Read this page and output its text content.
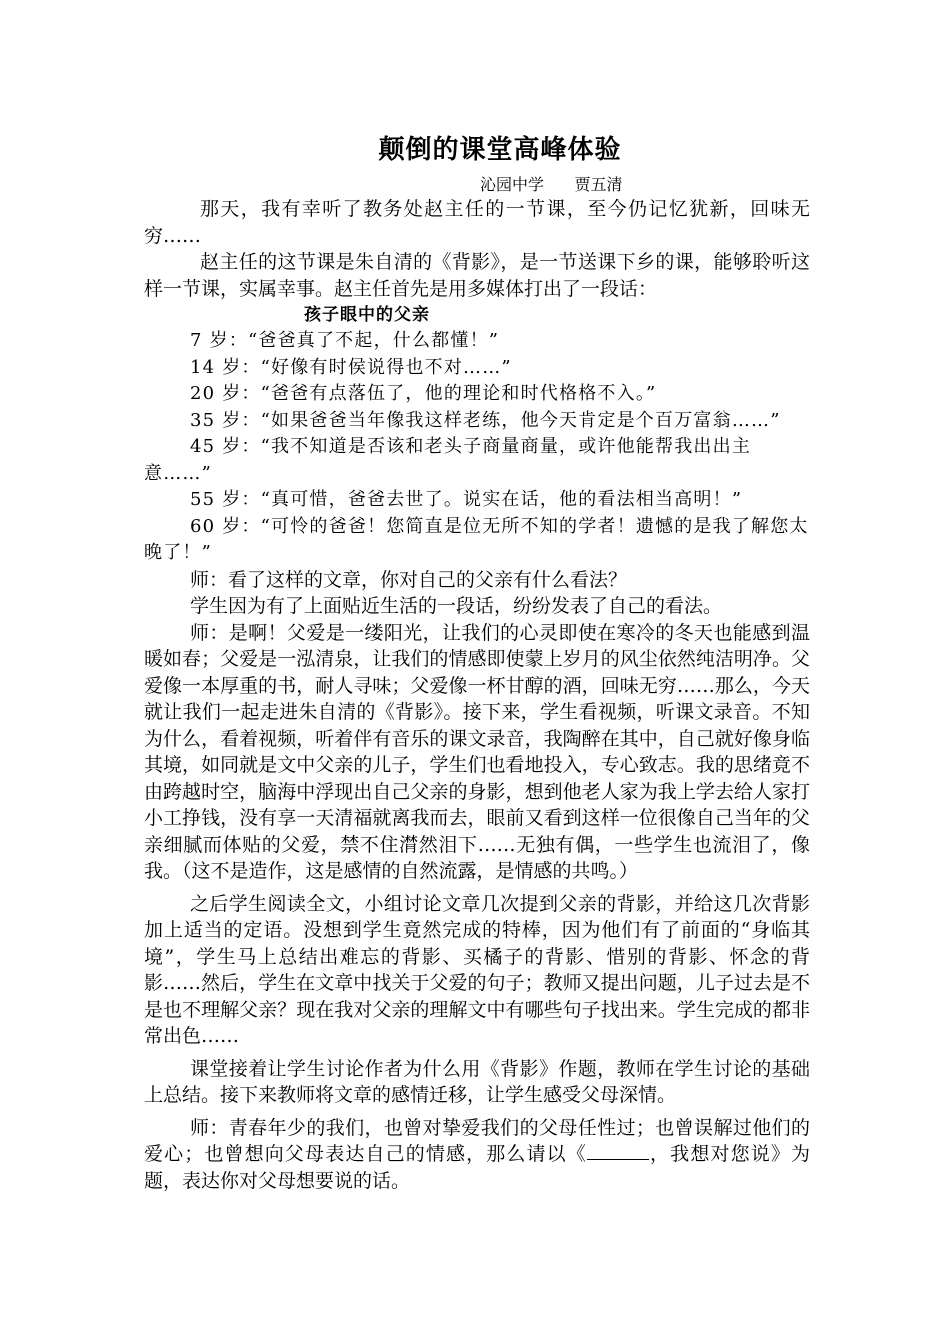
颠倒的课堂高峰体验
沁园中学 贾五清

那天，我有幸听了教务处赵主任的一节课，至今仍记忆犹新，回味无穷……

赵主任的这节课是朱自清的《背影》，是一节送课下乡的课，能够聆听这样一节课，实属幸事。赵主任首先是用多媒体打出了一段话：

孩子眼中的父亲

7 岁：“爸爸真了不起，什么都懂！”

14 岁：“好像有时侯说得也不对……”

20 岁：“爸爸有点落伍了，他的理论和时代格格不入。”

35 岁：“如果爸爸当年像我这样老练，他今天肯定是个百万富翁……”

45 岁：“我不知道是否该和老头子商量商量，或许他能帮我出出主意……”

55 岁：“真可惜，爸爸去世了。说实在话，他的看法相当高明！”

60 岁：“可怜的爸爸！您简直是位无所不知的学者！遗憾的是我了解您太晚了！”

师：看了这样的文章，你对自己的父亲有什么看法？

学生因为有了上面贴近生活的一段话，纷纷发表了自己的看法。

师：是啊！父爱是一缕阳光，让我们的心灵即使在寒冷的冬天也能感到温暖如春；父爱是一泓清泉，让我们的情感即使蒙上岁月的风尘依然纯洁明净。父爱像一本厚重的书，耐人寻味；父爱像一杯甘醇的酒，回味无穷……那么，今天就让我们一起走进朱自清的《背影》。接下来，学生看视频，听课文录音。不知为什么，看着视频，听着伴有音乐的课文录音，我陶醉在其中，自己就好像身临其境，如同就是文中父亲的儿子，学生们也看地投入，专心致志。我的思绪竟不由跨越时空，脑海中浮现出自己父亲的身影，想到他老人家为我上学去给人家打小工挣钱，没有享一天清福就离我而去，眼前又看到这样一位很像自己当年的父亲细腻而体贴的父爱，禁不住潸然泪下……无独有偶，一些学生也流泪了，像我。（这不是造作，这是感情的自然流露，是情感的共鸣。）

之后学生阅读全文，小组讨论文章几次提到父亲的背影，并给这几次背影加上适当的定语。没想到学生竟然完成的特棒，因为他们有了前面的“身临其境”，学生马上总结出难忘的背影、买橘子的背影、惜别的背影、怀念的背影……然后，学生在文章中找关于父爱的句子；教师又提出问题，儿子过去是不是也不理解父亲？现在我对父亲的理解文中有哪些句子找出来。学生完成的都非常出色……

课堂接着让学生讨论作者为什么用《背影》作题，教师在学生讨论的基础上总结。接下来教师将文章的感情迁移，让学生感受父母深情。

师：青春年少的我们，也曾对挚爱我们的父母任性过；也曾误解过他们的爱心；也曾想向父母表达自己的情感，那么请以《	，我想对您说》为题，表达你对父母想要说的话。
